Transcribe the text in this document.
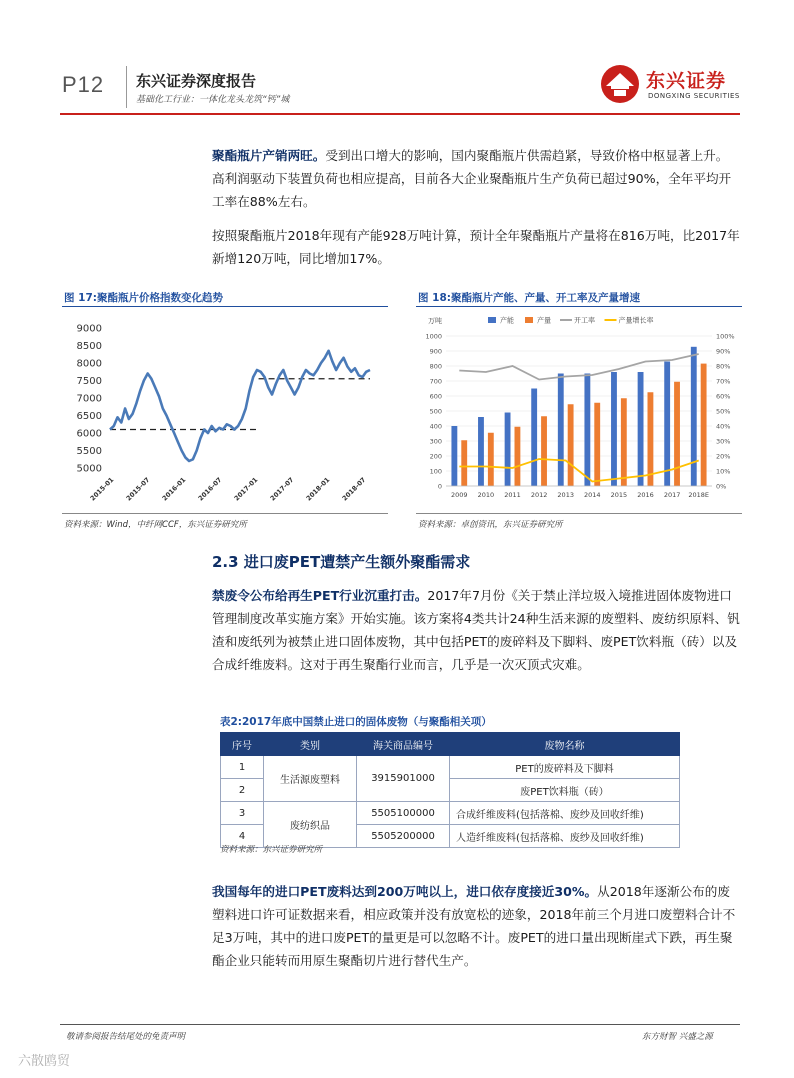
P12 东兴证券深度报告
基础化工行业：一体化龙头龙筑“钙”城
东兴证券
DONGXING SECURITIES
聚酯瓶片产销两旺。受到出口增大的影响，国内聚酯瓶片供需趋紧，导致价格中枢显著上升。高利润驱动下装置负荷也相应提高，目前各大企业聚酯瓶片生产负荷已超过90%，全年平均开工率在88%左右。
按照聚酯瓶片2018年现有产能928万吨计算，预计全年聚酯瓶片产量将在816万吨，比2017年新增120万吨，同比增加17%。
图 17:聚酯瓶片价格指数变化趋势
5000
5500
6000
6500
7000
7500
8000
8500
9000
2015-01 2015-07 2016-01 2016-07 2017-01 2017-07 2018-01 2018-07
资料来源：Wind，中纤网CCF，东兴证券研究所
图 18:聚酯瓶片产能、产量、开工率及产量增速
万吨	产能	产量	开工率	产量增长率
0
100
200
300
400
500
600
700
800
900
1000
0%
10%
20%
30%
40%
50%
60%
70%
80%
90%
100%
2009 2010 2011 2012 2013 2014 2015 2016 2017 2018E
资料来源：卓创资讯，东兴证券研究所
2.3 进口废PET遭禁产生额外聚酯需求
禁废令公布给再生PET行业沉重打击。2017年7月份《关于禁止洋垃圾入境推进固体废物进口管理制度改革实施方案》开始实施。该方案将4类共计24种生活来源的废塑料、废纺织原料、钒渣和废纸列为被禁止进口固体废物，其中包括PET的废碎料及下脚料、废PET饮料瓶（砖）以及合成纤维废料。这对于再生聚酯行业而言，几乎是一次灭顶式灾难。
表2:2017年底中国禁止进口的固体废物（与聚酯相关项）
序号	类别	海关商品编号	废物名称
1	生活源废塑料	3915901000	PET的废碎料及下脚料
2			废PET饮料瓶（砖）
3	废纺织品	5505100000	合成纤维废料(包括落棉、废纱及回收纤维)
4		5505200000	人造纤维废料(包括落棉、废纱及回收纤维)
资料来源：东兴证券研究所
我国每年的进口PET废料达到200万吨以上，进口依存度接近30%。从2018年逐渐公布的废塑料进口许可证数据来看，相应政策并没有放宽松的迹象，2018年前三个月进口废塑料合计不足3万吨，其中的进口废PET的量更是可以忽略不计。废PET的进口量出现断崖式下跌，再生聚酯企业只能转而用原生聚酯切片进行替代生产。
敬请参阅报告结尾处的免责声明	东方财智 兴盛之源
六散鸥贸
